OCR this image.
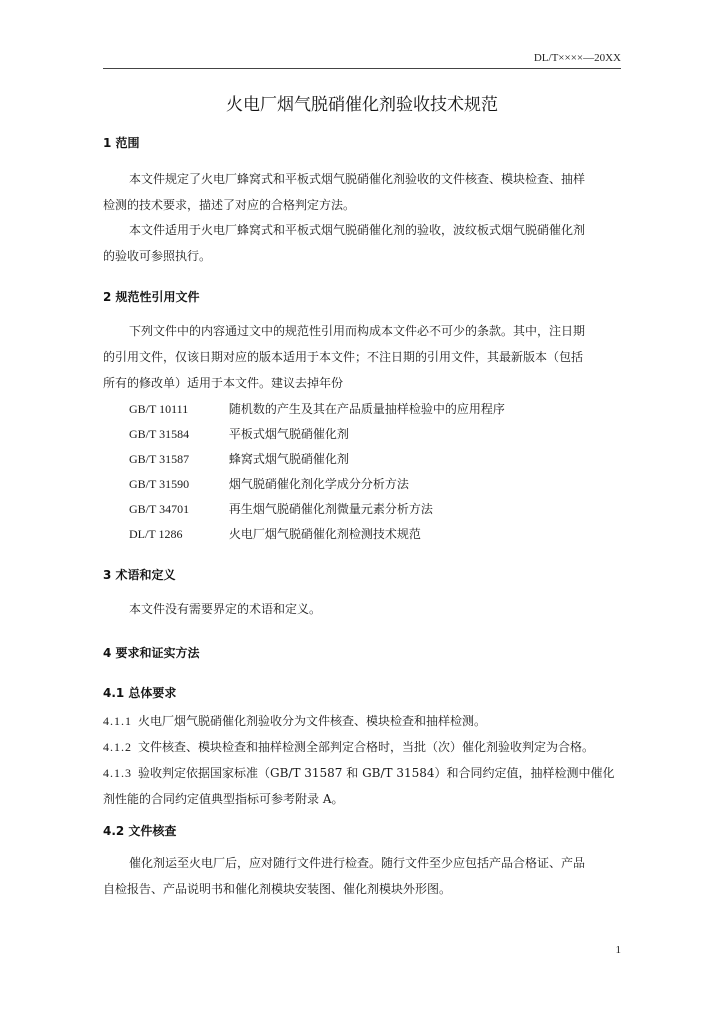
DL/T××××—20XX
火电厂烟气脱硝催化剂验收技术规范
1 范围

本文件规定了火电厂蜂窝式和平板式烟气脱硝催化剂验收的文件核查、模块检查、抽样
检测的技术要求，描述了对应的合格判定方法。

本文件适用于火电厂蜂窝式和平板式烟气脱硝催化剂的验收，波纹板式烟气脱硝催化剂
的验收可参照执行。

2 规范性引用文件

下列文件中的内容通过文中的规范性引用而构成本文件必不可少的条款。其中，注日期
的引用文件，仅该日期对应的版本适用于本文件；不注日期的引用文件，其最新版本（包括
所有的修改单）适用于本文件。建议去掉年份

GB/T 10111	随机数的产生及其在产品质量抽样检验中的应用程序
GB/T 31584	平板式烟气脱硝催化剂
GB/T 31587	蜂窝式烟气脱硝催化剂
GB/T 31590	烟气脱硝催化剂化学成分分析方法
GB/T 34701	再生烟气脱硝催化剂微量元素分析方法
DL/T 1286	火电厂烟气脱硝催化剂检测技术规范
3 术语和定义

本文件没有需要界定的术语和定义。

4 要求和证实方法
4.1 总体要求

4.1.1 火电厂烟气脱硝催化剂验收分为文件核查、模块检查和抽样检测。

4.1.2 文件核查、模块检查和抽样检测全部判定合格时，当批（次）催化剂验收判定为合格。

4.1.3 验收判定依据国家标准（GB/T 31587 和 GB/T 31584）和合同约定值，抽样检测中催化
剂性能的合同约定值典型指标可参考附录 A。

4.2 文件核查

催化剂运至火电厂后，应对随行文件进行检查。随行文件至少应包括产品合格证、产品
自检报告、产品说明书和催化剂模块安装图、催化剂模块外形图。

1
